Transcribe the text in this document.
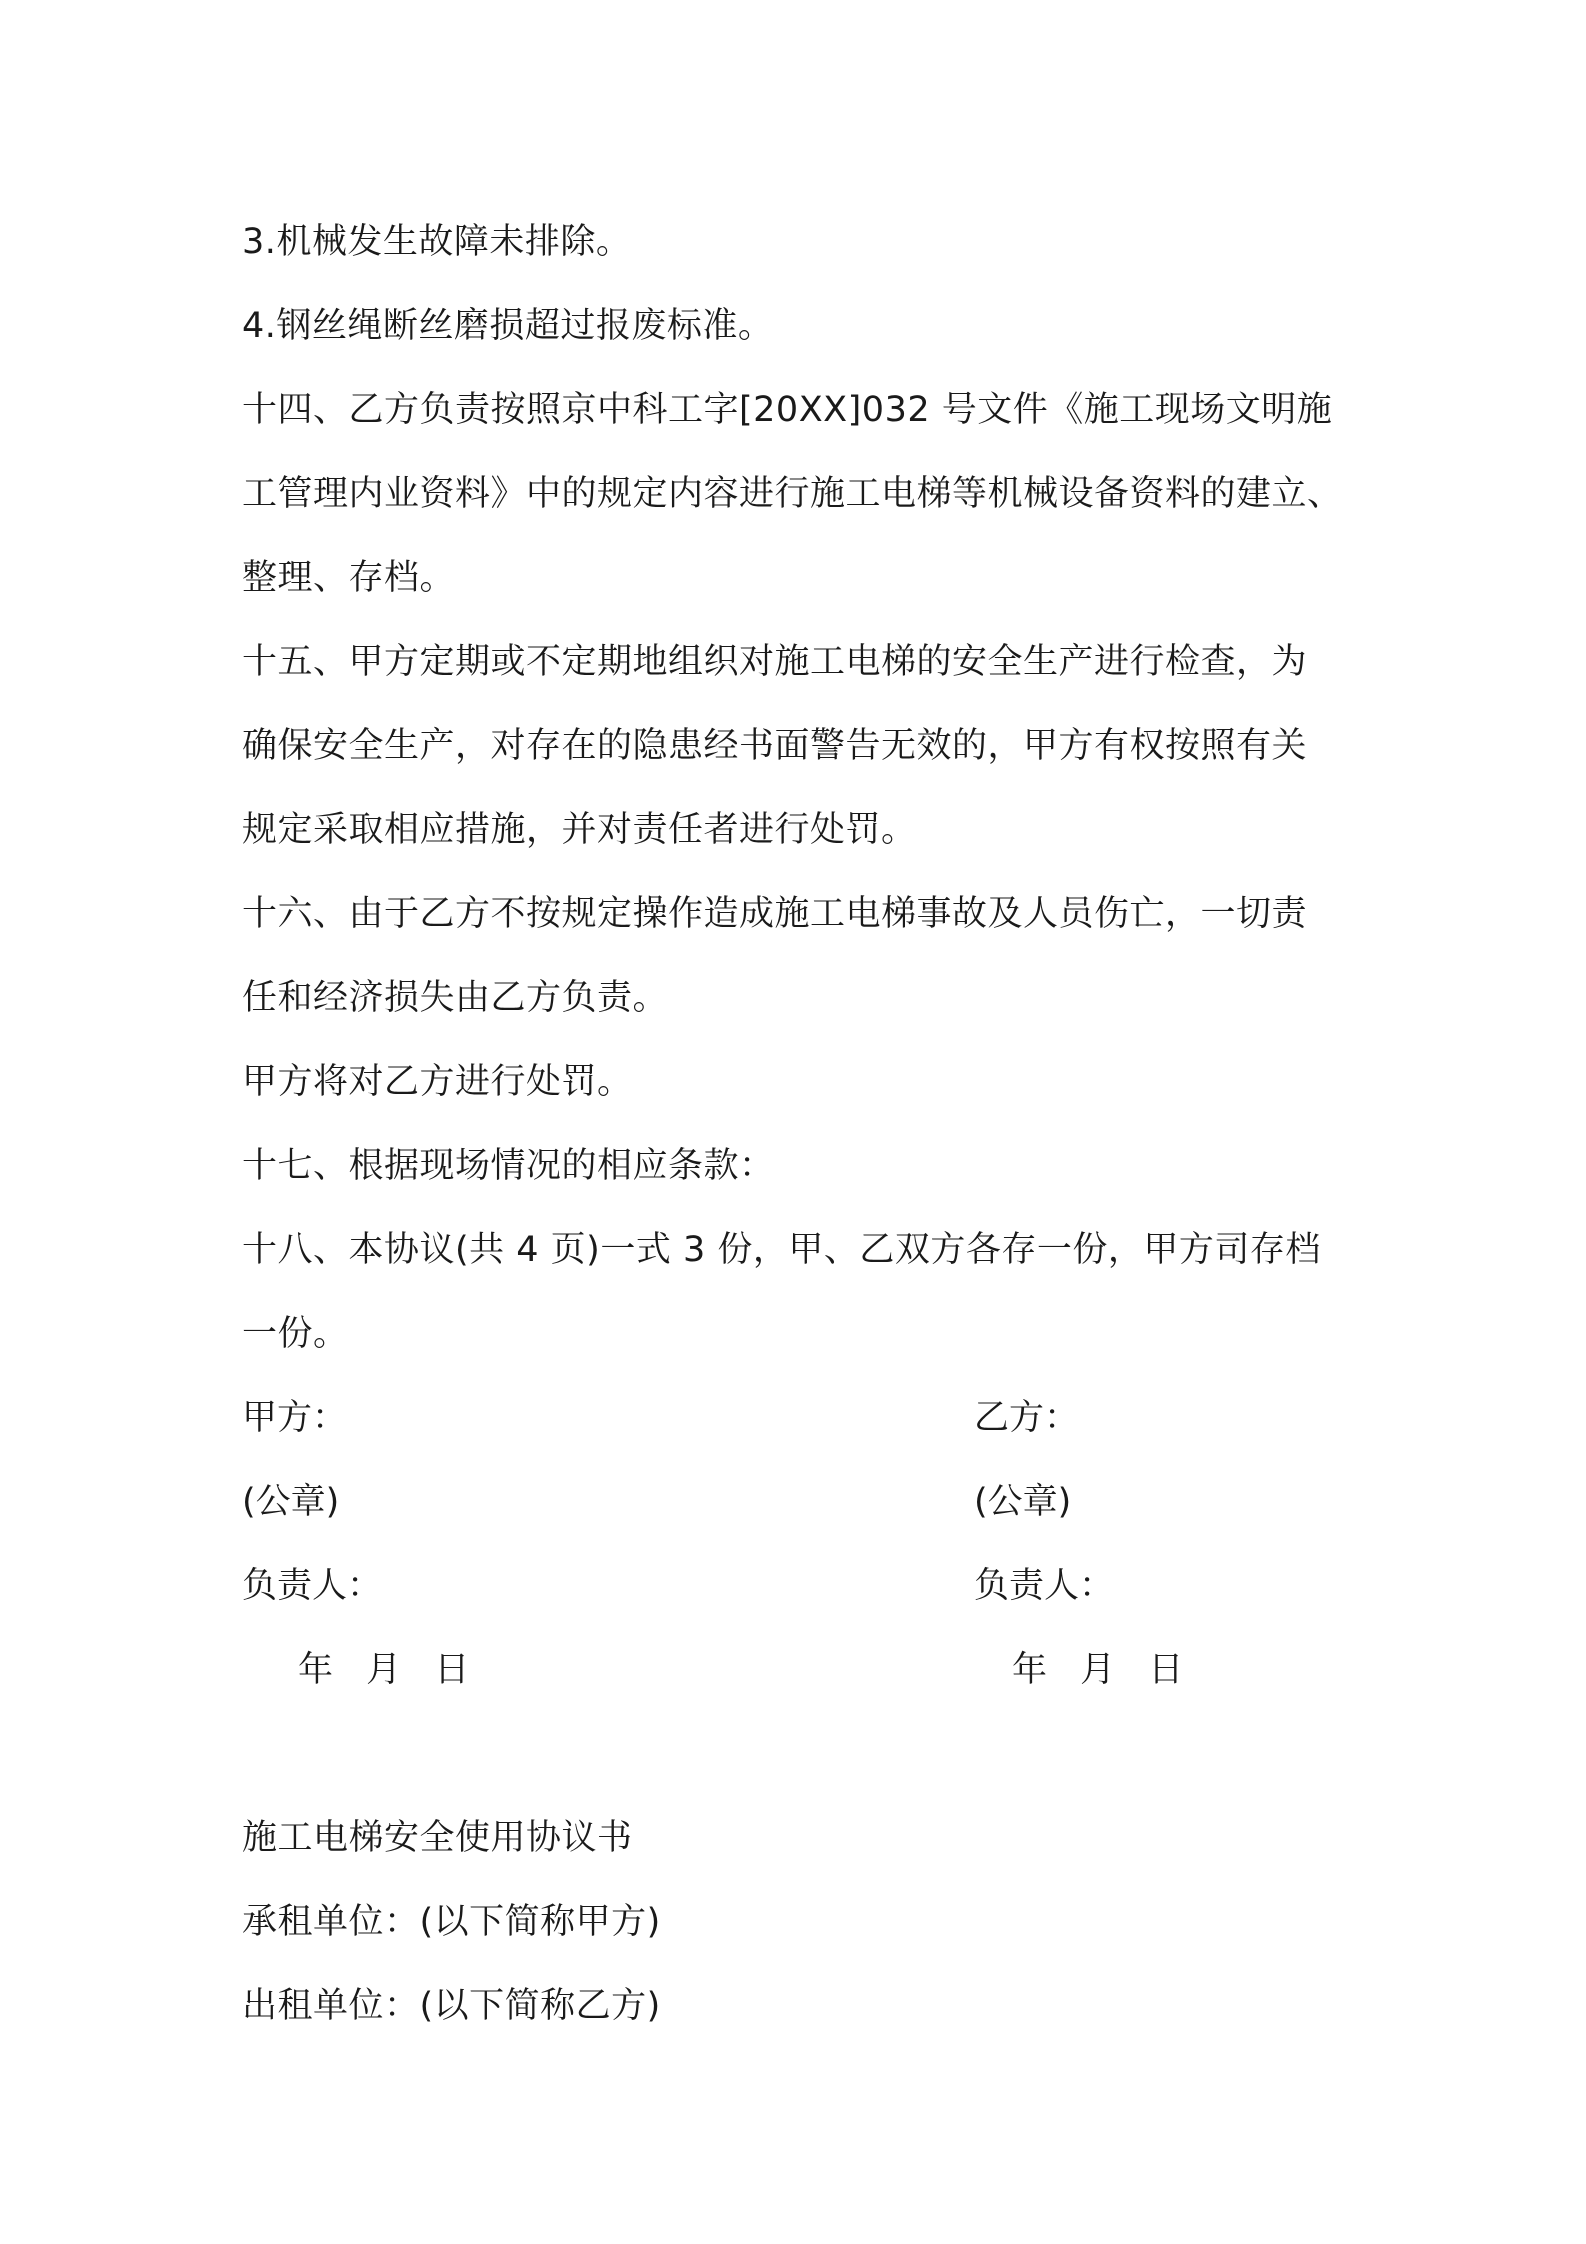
3.机械发生故障未排除。
4.钢丝绳断丝磨损超过报废标准。
十四、乙方负责按照京中科工字[20XX]032 号文件《施工现场文明施
工管理内业资料》中的规定内容进行施工电梯等机械设备资料的建立、
整理、存档。
十五、甲方定期或不定期地组织对施工电梯的安全生产进行检查，为
确保安全生产，对存在的隐患经书面警告无效的，甲方有权按照有关
规定采取相应措施，并对责任者进行处罚。
十六、由于乙方不按规定操作造成施工电梯事故及人员伤亡，一切责
任和经济损失由乙方负责。
甲方将对乙方进行处罚。
十七、根据现场情况的相应条款：
十八、本协议(共 4 页)一式 3 份，甲、乙双方各存一份，甲方司存档
一份。
甲方：	乙方：
(公章)	(公章)
负责人：	负责人：
年 月 日	年 月 日
施工电梯安全使用协议书
承租单位：(以下简称甲方)
出租单位：(以下简称乙方)
